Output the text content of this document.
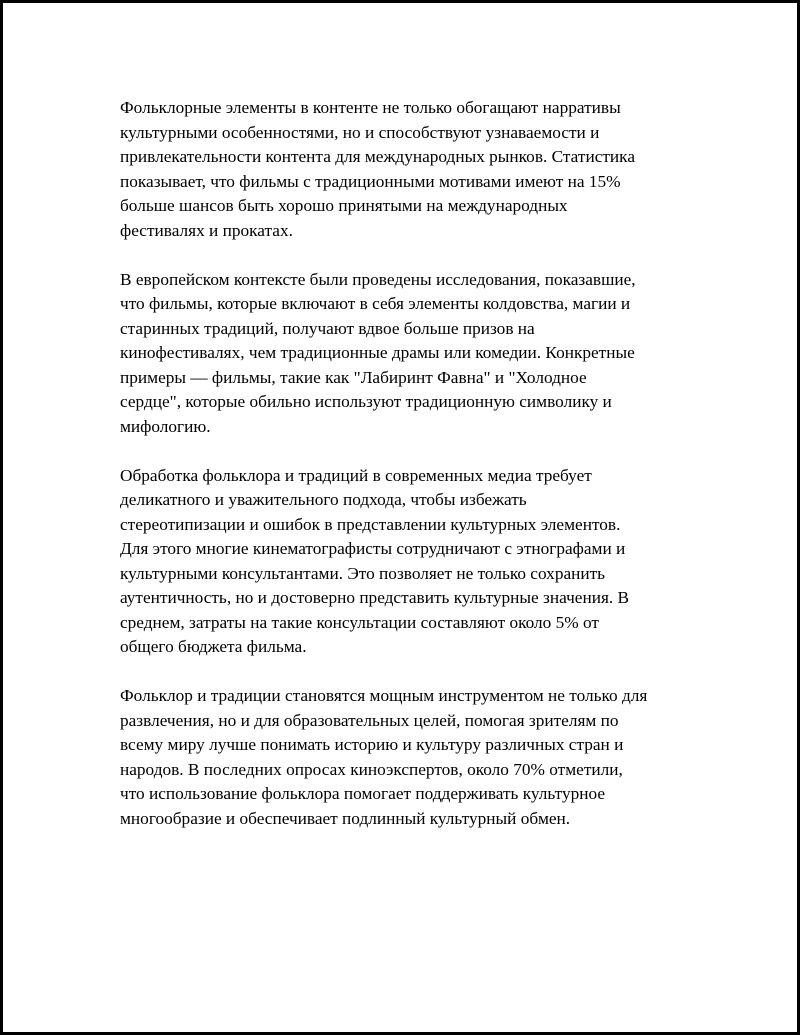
Фольклорные элементы в контенте не только обогащают нарративы
культурными особенностями, но и способствуют узнаваемости и
привлекательности контента для международных рынков. Статистика
показывает, что фильмы с традиционными мотивами имеют на 15%
больше шансов быть хорошо принятыми на международных
фестивалях и прокатах.

В европейском контексте были проведены исследования, показавшие,
что фильмы, которые включают в себя элементы колдовства, магии и
старинных традиций, получают вдвое больше призов на
кинофестивалях, чем традиционные драмы или комедии. Конкретные
примеры — фильмы, такие как "Лабиринт Фавна" и "Холодное
сердце", которые обильно используют традиционную символику и
мифологию.

Обработка фольклора и традиций в современных медиа требует
деликатного и уважительного подхода, чтобы избежать
стереотипизации и ошибок в представлении культурных элементов.
Для этого многие кинематографисты сотрудничают с этнографами и
культурными консультантами. Это позволяет не только сохранить
аутентичность, но и достоверно представить культурные значения. В
среднем, затраты на такие консультации составляют около 5% от
общего бюджета фильма.

Фольклор и традиции становятся мощным инструментом не только для
развлечения, но и для образовательных целей, помогая зрителям по
всему миру лучше понимать историю и культуру различных стран и
народов. В последних опросах киноэкспертов, около 70% отметили,
что использование фольклора помогает поддерживать культурное
многообразие и обеспечивает подлинный культурный обмен.
